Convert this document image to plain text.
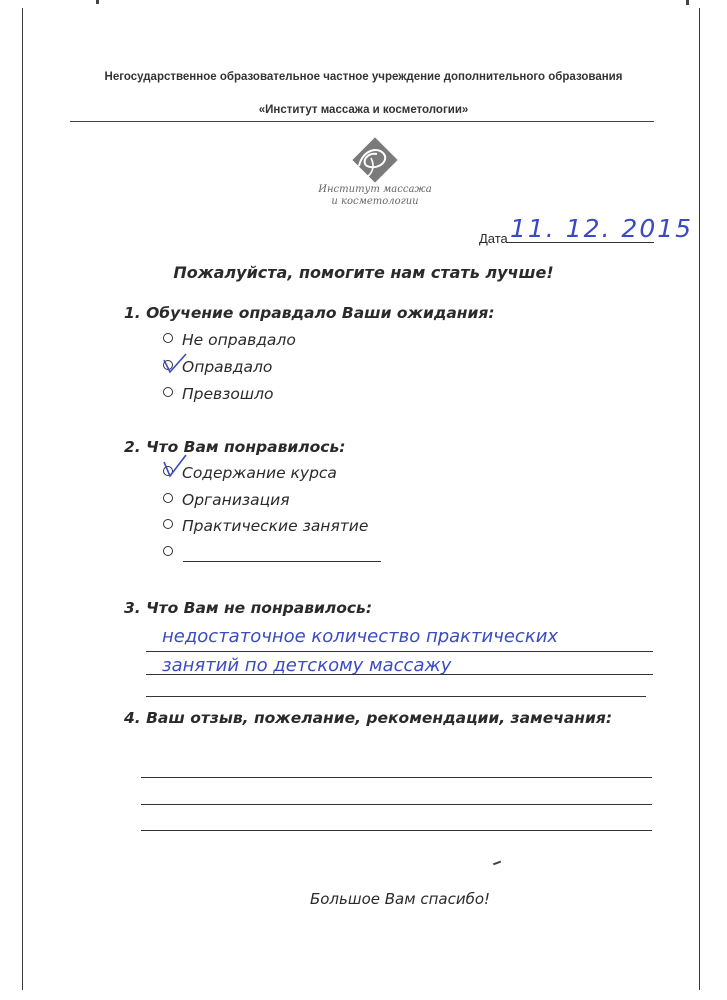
Негосударственное образовательное частное учреждение дополнительного образования
«Институт массажа и косметологии»
Институт массажа
и косметологии
Дата 11. 12. 2015
Пожалуйста, помогите нам стать лучше!
1. Обучение оправдало Ваши ожидания:
Не оправдало
Оправдало
Превзошло
2. Что Вам понравилось:
Содержание курса
Организация
Практические занятие
3. Что Вам не понравилось:
недостаточное количество практических
занятий по детскому массажу
4. Ваш отзыв, пожелание, рекомендации, замечания:
Большое Вам спасибо!
